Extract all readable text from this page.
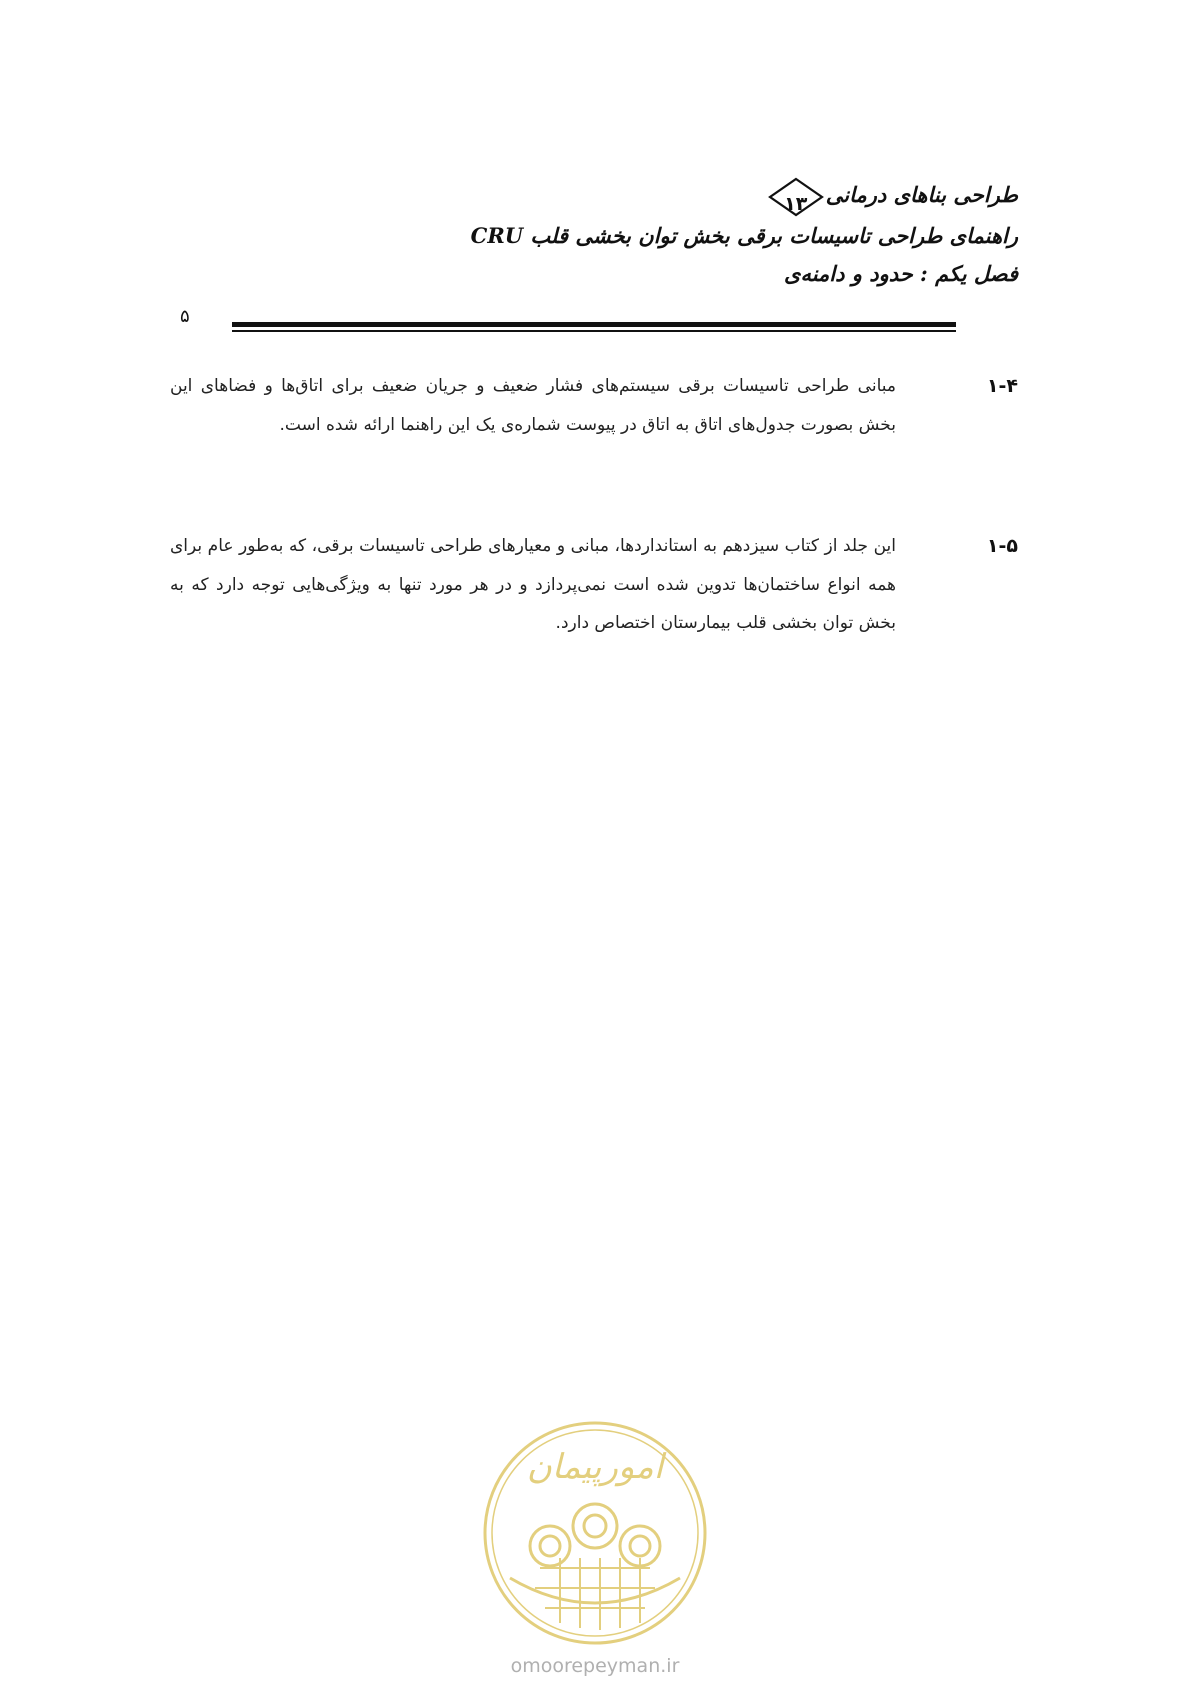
طراحی بناهای درمانی
۱۳
راهنمای طراحی تاسیسات برقی بخش توان بخشی قلب CRU
فصل یکم : حدود و دامنه‌ی
۵
۱-۴
مبانی طراحی تاسیسات برقی سیستم‌های فشار ضعیف و جریان ضعیف برای اتاق‌ها و فضاهای این بخش بصورت جدول‌های اتاق به اتاق در پیوست شماره‌ی یک این راهنما ارائه شده است.
۱-۵
این جلد از کتاب سیزدهم به استانداردها، مبانی و معیارهای طراحی تاسیسات برقی، که به‌طور عام برای همه انواع ساختمان‌ها تدوین شده است نمی‌پردازد و در هر مورد تنها به ویژگی‌هایی توجه دارد که به بخش توان بخشی قلب بیمارستان اختصاص دارد.
امورپیمان
omoorepeyman.ir
